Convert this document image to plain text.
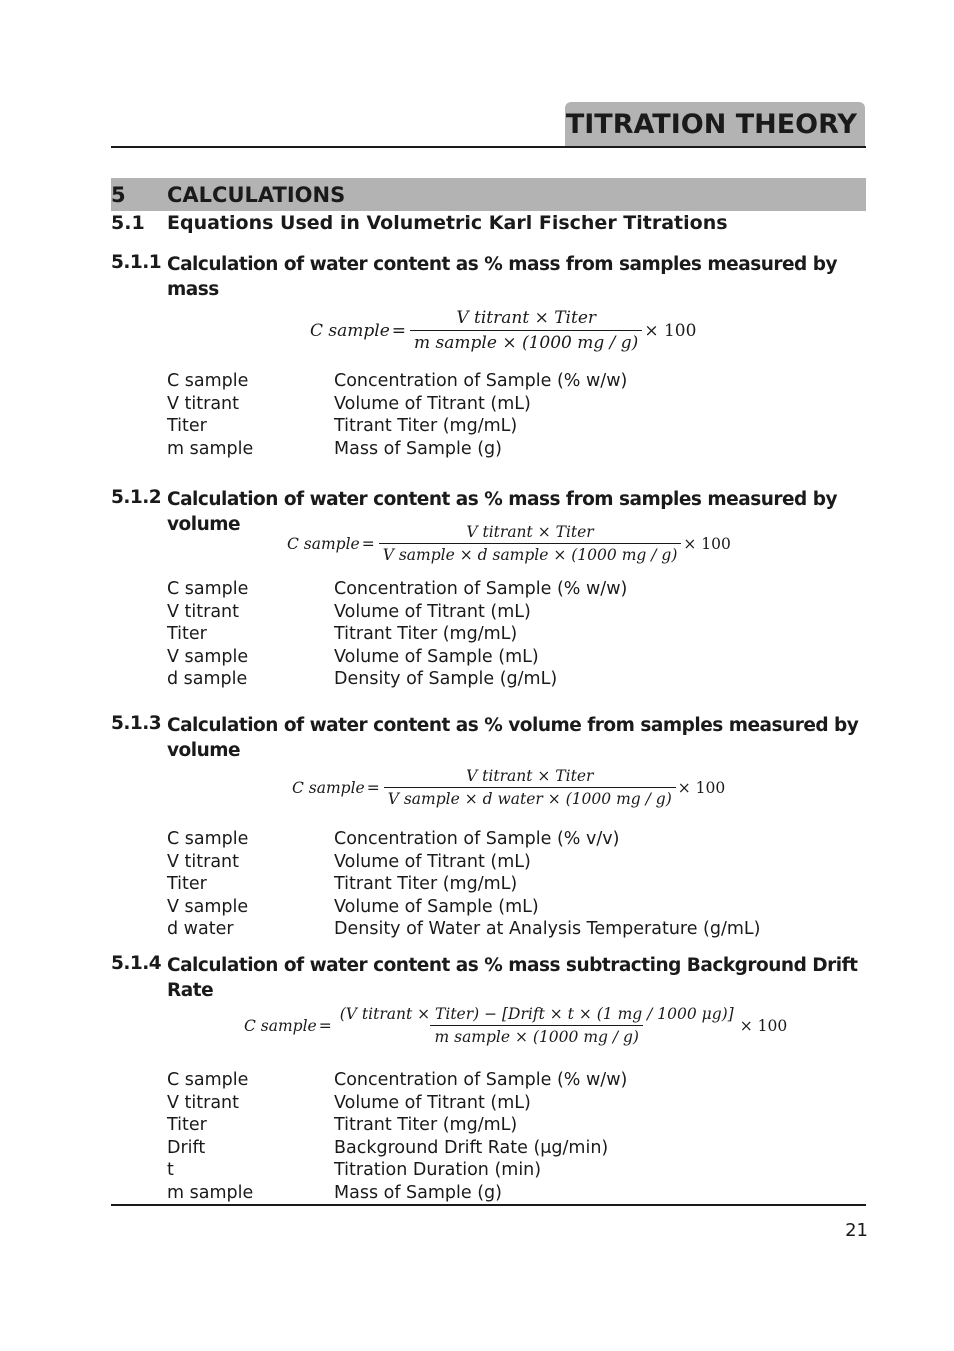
TITRATION THEORY
5 CALCULATIONS
5.1 Equations Used in Volumetric Karl Fischer Titrations
5.1.1 Calculation of water content as % mass from samples measured by mass
C sample = $\frac{\text{V titrant × Titer}}{\text{m sample × (1000 mg / g)}} \times 100$
C sample	Concentration of Sample (% w/w)
V titrant	Volume of Titrant (mL)
Titer	Titrant Titer (mg/mL)
m sample	Mass of Sample (g)
5.1.2 Calculation of water content as % mass from samples measured by volume
C sample = $\frac{\text{V titrant × Titer}}{\text{V sample × d sample × (1000 mg / g)}} \times 100$
C sample	Concentration of Sample (% w/w)
V titrant	Volume of Titrant (mL)
Titer	Titrant Titer (mg/mL)
V sample	Volume of Sample (mL)
d sample	Density of Sample (g/mL)
5.1.3 Calculation of water content as % volume from samples measured by volume
C sample = $\frac{\text{V titrant × Titer}}{\text{V sample × d water × (1000 mg / g)}} \times 100$
C sample	Concentration of Sample (% v/v)
V titrant	Volume of Titrant (mL)
Titer	Titrant Titer (mg/mL)
V sample	Volume of Sample (mL)
d water	Density of Water at Analysis Temperature (g/mL)
5.1.4 Calculation of water content as % mass subtracting Background Drift Rate
C sample = $\frac{\text{(V titrant × Titer) − [Drift × t × (1 mg / 1000 μg)]}}{\text{m sample × (1000 mg / g)}} \times 100$
C sample	Concentration of Sample (% w/w)
V titrant	Volume of Titrant (mL)
Titer	Titrant Titer (mg/mL)
Drift	Background Drift Rate (μg/min)
t	Titration Duration (min)
m sample	Mass of Sample (g)
21
